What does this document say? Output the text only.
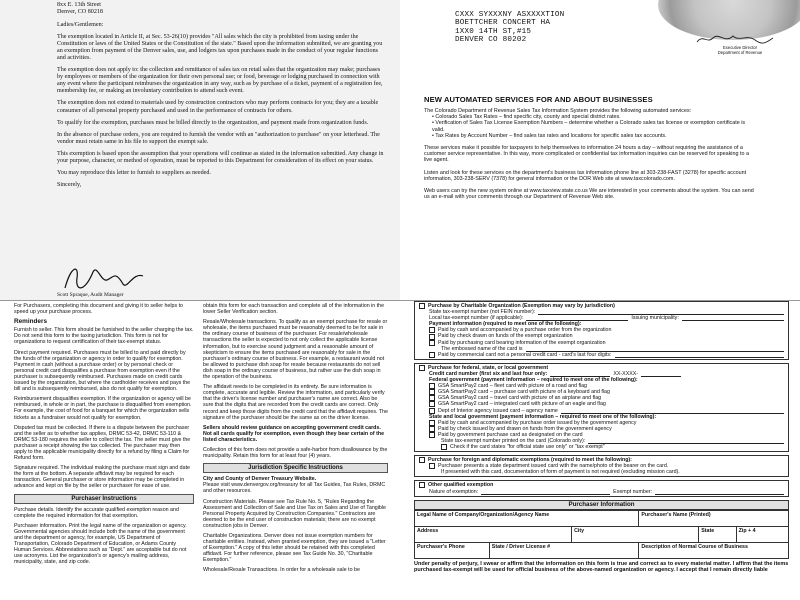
8xx E. 13th Street
Denver, CO 80218

Ladies/Gentlemen:

The exemption located in Article II, at Sec. 53-26(10) provides "All sales which the city is prohibited from taxing under the Constitution or laws of the United States or the Constitution of the state." Based upon the information submitted, we are granting you an exemption from payment of the Denver sales, use, and lodgers tax upon purchases made in the conduct of your regular functions and activities.

The exemption does not apply to: the collection and remittance of sales tax on retail sales that the organization may make; purchases by employees or members of the organization for their own personal use; or food, beverage or lodging purchased in connection with any event where the participant reimburses the organization in any way, such as by purchase of a ticket, payment of a registration fee, membership fee, or making an involuntary contribution to attend such event.

The exemption does not extend to materials used by construction contractors who may perform contracts for you; they are a taxable consumer of all personal property purchased and used in the performance of contracts for others.

To qualify for the exemption, purchases must be billed directly to the organization, and payment made from organization funds.

In the absence of purchase orders, you are required to furnish the vendor with an "authorization to purchase" on your letterhead. The vendor must retain same in his file to support the exempt sale.

This exemption is based upon the assumption that your operations will continue as stated in the information submitted. Any change in your purpose, character, or method of operation, must be reported to this Department for consideration of its effect on your status.

You may reproduce this letter to furnish to suppliers as needed.

Sincerely,

Scott Spraque, Audit Manager
CXXX SYXXXNY ASXXXXTION
BOETTCHER CONCERT HA
1XX0 14TH ST,#15
DENVER CO 80202
Executive Director
Department of Revenue
NEW AUTOMATED SERVICES FOR AND ABOUT BUSINESSES

The Colorado Department of Revenue Sales Tax Information System provides the following automated services:

• Colorado Sales Tax Rates – find specific city, county and special district rates.
• Verification of Sales Tax License Exemption Numbers – determine whether a Colorado sales tax license or exemption certificate is valid.
• Tax Rates by Account Number – find sales tax rates and locations for specific sales tax accounts.

These services make it possible for taxpayers to help themselves to information 24 hours a day – without requiring the assistance of a customer service representative. In this way, more complicated or confidential tax information inquiries can be reserved for speaking to a live agent.

Listen and look for these services on the department's business tax information phone line at 303-238-FAST (3278) for specific account information, 303-238-SERV (7378) for general information or the DOR Web site at www.taxcolorado.com.

Web users can try the new system online at www.taxview.state.co.us We are interested in your comments about the system. You can send us an e-mail with your comments through our Department of Revenue Web site.

For Purchasers, completing this document and giving it to seller helps to speed up your purchase process.

Reminders

Furnish to seller. This form should be furnished to the seller charging the tax. Do not send this form to the taxing jurisdiction. This form is not for organizations to request certification of their tax-exempt status.

Direct payment required. Purchases must be billed to and paid directly by the funds of the organization or agency in order to qualify for exemption. Payment in cash (without a purchase order) or by personal check or personal credit card disqualifies a purchase from exemption even if the purchaser is subsequently reimbursed. Purchases made on credit cards issued by the organization, but where the cardholder receives and pays the bill and is subsequently reimbursed, also do not qualify for exemption.

Reimbursement disqualifies exemption. If the organization or agency will be reimbursed, in whole or in part, the purchase is disqualified from exemption. For example, the cost of food for a banquet for which the organization sells tickets as a fundraiser would not qualify for exemption.

Disputed tax must be collected. If there is a dispute between the purchaser and the seller as to whether tax applies, DRMC 53-42, DRMC 53-110 & DRMC 53-180 requires the seller to collect the tax. The seller must give the purchaser a receipt showing the tax collected. The purchaser may then apply to the applicable municipality directly for a refund by filing a Claim for Refund form.

Signature required. The individual making the purchase must sign and date the form at the bottom. A separate affidavit may be required for each transaction. General purchaser or store information may be completed in advance and kept on file by the seller or purchaser for ease of use.

Purchaser Instructions

Purchase details. Identify the accurate qualified exemption reason and complete the required information for that exemption.

Purchaser information. Print the legal name of the organization or agency. Governmental agencies should include both the name of the government and the department or agency, for example, US Department of Transportation, Colorado Department of Education, or Adams County Human Services. Abbreviations such as "Dept." are acceptable but do not use acronyms. List the organization's or agency's mailing address, municipality, state, and zip code.

obtain this form for each transaction and complete all of the information in the lower Seller Verification section.

Resale/Wholesale transactions. To qualify as an exempt purchase for resale or wholesale, the items purchased must be reasonably deemed to be for sale in the ordinary course of business of the purchaser. For resale/wholesale transactions the seller is expected to not only collect the applicable license information, but to exercise sound judgment and a reasonable amount of skepticism to ensure the items purchased are reasonably for sale in the purchaser's ordinary course of business. For example, a restaurant would not be allowed to purchase dish soap for resale because restaurants do not sell dish soap in the ordinary course of business, but rather use the dish soap in the operation of the business.

The affidavit needs to be completed in its entirety. Be sure information is complete, accurate and legible. Review the information, and particularly verify that the driver's license number and purchaser's name are correct. Also be sure that the digits that are recorded from the credit cards are correct. Only record and keep those digits from the credit card that the affidavit requires. The signature of the purchaser should be the same as on the driver license.

Sellers should review guidance on accepting government credit cards. Not all cards qualify for exemption, even though they bear certain of the listed characteristics.

Collection of this form does not provide a safe-harbor from disallowance by the municipality. Retain this form for at least four (4) years.

Jurisdiction Specific Instructions

City and County of Denver Treasury Website.

Please visit www.denvergov.org/treasury for all Tax Guides, Tax Rules, DRMC and other resources.

Construction Materials. Please see Tax Rule No. 5, "Rules Regarding the Assessment and Collection of Sale and Use Tax on Sales and Use of Tangible Personal Property Acquired by Construction Companies." Contractors are deemed to be the end user of construction materials; there are no exempt construction jobs in Denver.

Charitable Organizations. Denver does not issue exemption numbers for charitable entities. Instead, when granted exemption, they are issued a "Letter of Exemption." A copy of this letter should be retained with this completed affidavit. For further reference, please see Tax Guide No. 30, "Charitable Exemption."

Wholesale/Resale Transactions. In order for a wholesale sale to be

Purchase by Charitable Organization (Exemption may vary by jurisdiction)
State tax-exempt number (not FEIN number):
Local tax-exempt number (if applicable):	Issuing municipality:
Payment information (required to meet one of the following):
Paid by cash and accompanied by a purchase order from the organization
Paid by check drawn on funds of the exempt organization
Paid by purchasing card bearing information of the exempt organization
The embossed name of the card is
Paid by commercial card not a personal credit card - card's last four digits:
Purchase for federal, state, or local government
Credit card number (first six and last four only:	XX-XXXX-
Federal government (payment information – required to meet one of the following):
GSA SmartPay2 card – fleet card with picture of a road and flag
GSA SmartPay2 card – purchase card with picture of a keyboard and flag
GSA SmartPay2 card – travel card with picture of an airplane and flag
GSA SmartPay2 card – integrated card with picture of an eagle and flag
Dept of Interior agency issued card – agency name
State and local government (payment information – required to meet one of the following):
Paid by cash and accompanied by purchase order issued by the government agency
Paid by check issued by and drawn on funds from the government agency
Paid by government purchase card as designated on the card
State tax-exempt number printed on the card (Colorado only):
Check if the card states "for official state use only" or "tax exempt"
Purchase for foreign and diplomatic exemptions (required to meet the following):
Purchaser presents a state department issued card with the name/photo of the bearer on the card.
If presented with this card, documentation of form of payment is not required (excluding mission card).
Other qualified exemption
Nature of exemption:	Exempt number:
Purchaser Information
Legal Name of Company/Organization/Agency Name			Purchaser's Name (Printed)		
Address		City		State	Zip + 4
Purchaser's Phone	State / Driver License #		Description of Normal Course of Business		
Under penalty of perjury, I swear or affirm that the information on this form is true and correct as to every material matter. I affirm that the items purchased tax-exempt will be used for official business of the above-named organization or agency. I accept that I remain directly liable
